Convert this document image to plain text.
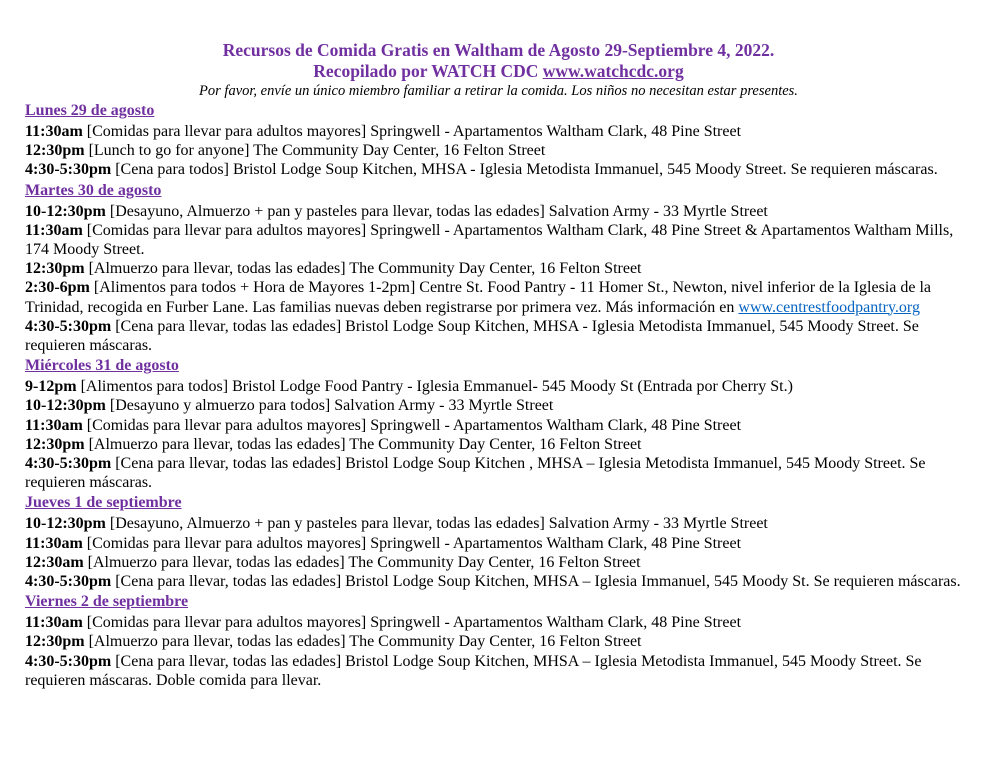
Recursos de Comida Gratis en Waltham de Agosto 29-Septiembre 4, 2022.

Recopilado por WATCH CDC www.watchcdc.org

Por favor, envíe un único miembro familiar a retirar la comida. Los niños no necesitan estar presentes.

Lunes 29 de agosto

11:30am [Comidas para llevar para adultos mayores] Springwell - Apartamentos Waltham Clark, 48 Pine Street

12:30pm [Lunch to go for anyone] The Community Day Center, 16 Felton Street

4:30-5:30pm [Cena para todos] Bristol Lodge Soup Kitchen, MHSA - Iglesia Metodista Immanuel, 545 Moody Street. Se requieren máscaras.

Martes 30 de agosto

10-12:30pm [Desayuno, Almuerzo + pan y pasteles para llevar, todas las edades] Salvation Army - 33 Myrtle Street

11:30am [Comidas para llevar para adultos mayores] Springwell - Apartamentos Waltham Clark, 48 Pine Street & Apartamentos Waltham Mills, 174 Moody Street.

12:30pm [Almuerzo para llevar, todas las edades] The Community Day Center, 16 Felton Street

2:30-6pm [Alimentos para todos + Hora de Mayores 1-2pm] Centre St. Food Pantry - 11 Homer St., Newton, nivel inferior de la Iglesia de la Trinidad, recogida en Furber Lane. Las familias nuevas deben registrarse por primera vez. Más información en www.centrestfoodpantry.org

4:30-5:30pm [Cena para llevar, todas las edades] Bristol Lodge Soup Kitchen, MHSA - Iglesia Metodista Immanuel, 545 Moody Street. Se requieren máscaras.

Miércoles 31 de agosto

9-12pm [Alimentos para todos] Bristol Lodge Food Pantry - Iglesia Emmanuel- 545 Moody St (Entrada por Cherry St.)

10-12:30pm [Desayuno y almuerzo para todos] Salvation Army - 33 Myrtle Street

11:30am [Comidas para llevar para adultos mayores] Springwell - Apartamentos Waltham Clark, 48 Pine Street

12:30pm [Almuerzo para llevar, todas las edades] The Community Day Center, 16 Felton Street

4:30-5:30pm [Cena para llevar, todas las edades] Bristol Lodge Soup Kitchen , MHSA – Iglesia Metodista Immanuel, 545 Moody Street. Se requieren máscaras.

Jueves 1 de septiembre

10-12:30pm [Desayuno, Almuerzo + pan y pasteles para llevar, todas las edades] Salvation Army - 33 Myrtle Street

11:30am [Comidas para llevar para adultos mayores] Springwell - Apartamentos Waltham Clark, 48 Pine Street

12:30am [Almuerzo para llevar, todas las edades] The Community Day Center, 16 Felton Street

4:30-5:30pm [Cena para llevar, todas las edades] Bristol Lodge Soup Kitchen, MHSA – Iglesia Immanuel, 545 Moody St. Se requieren máscaras.

Viernes 2 de septiembre

11:30am [Comidas para llevar para adultos mayores] Springwell - Apartamentos Waltham Clark, 48 Pine Street

12:30pm [Almuerzo para llevar, todas las edades] The Community Day Center, 16 Felton Street

4:30-5:30pm [Cena para llevar, todas las edades] Bristol Lodge Soup Kitchen, MHSA – Iglesia Metodista Immanuel, 545 Moody Street. Se requieren máscaras. Doble comida para llevar.
